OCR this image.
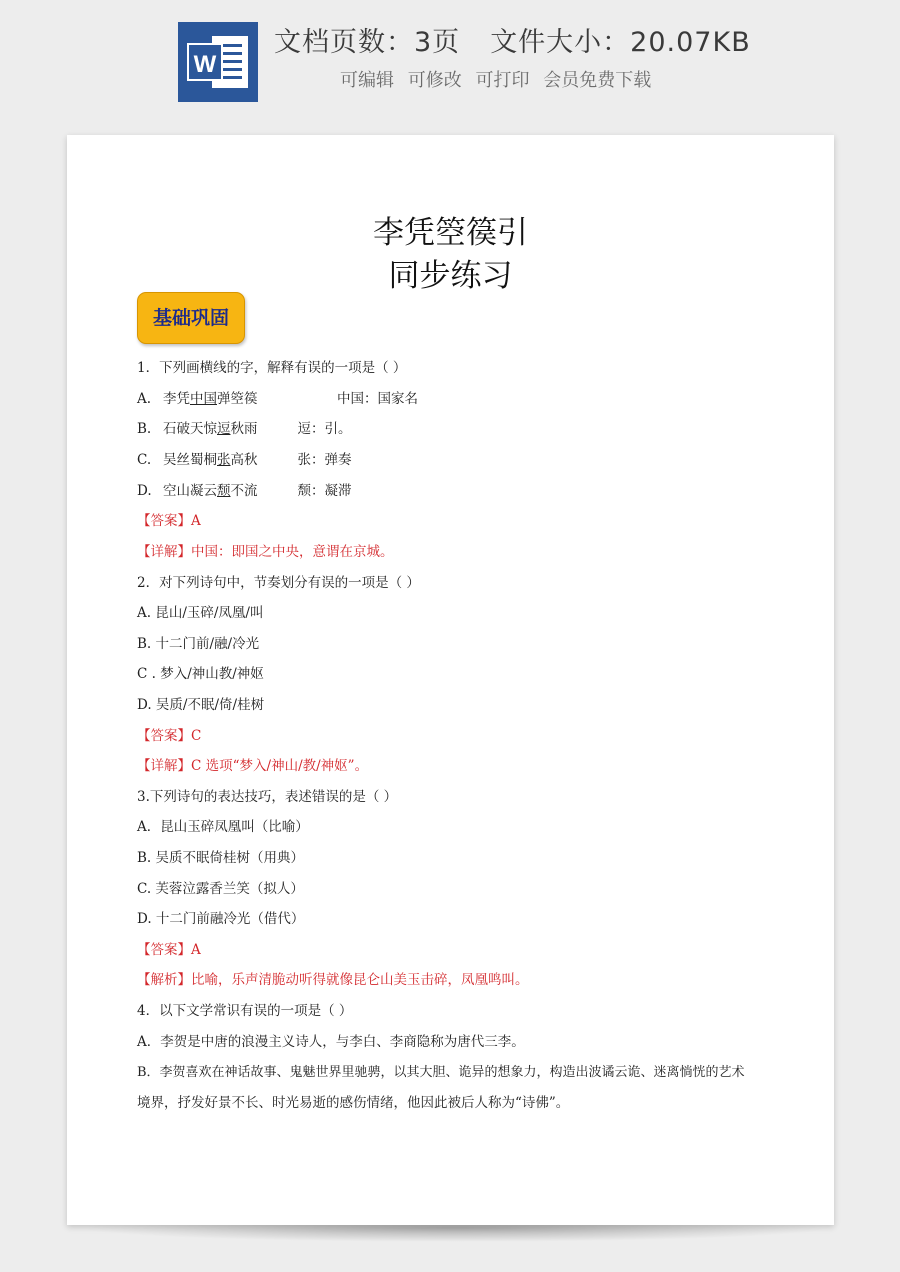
W
文档页数：3页 文件大小：20.07KB
可编辑 可修改 可打印 会员免费下载
李凭箜篌引
同步练习
基础巩固
1．下列画横线的字，解释有误的一项是（ ）
A. 李凭中国弹箜篌	中国：国家名
B. 石破天惊逗秋雨	逗：引。
C. 吴丝蜀桐张高秋	张：弹奏
D. 空山凝云颓不流	颓：凝滞
【答案】A
【详解】中国：即国之中央，意谓在京城。
2．对下列诗句中，节奏划分有误的一项是（ ）
A. 昆山/玉碎/凤凰/叫
B. 十二门前/融/冷光
C . 梦入/神山教/神妪
D. 吴质/不眠/倚/桂树
【答案】C
【详解】C 选项“梦入/神山/教/神妪”。
3.下列诗句的表达技巧，表述错误的是（ ）
A．昆山玉碎凤凰叫（比喻）
B. 吴质不眠倚桂树（用典）
C. 芙蓉泣露香兰笑（拟人）
D. 十二门前融冷光（借代）
【答案】A
【解析】比喻，乐声清脆动听得就像昆仑山美玉击碎，凤凰鸣叫。
4．以下文学常识有误的一项是（ ）
A．李贺是中唐的浪漫主义诗人，与李白、李商隐称为唐代三李。
B．李贺喜欢在神话故事、鬼魅世界里驰骋，以其大胆、诡异的想象力，构造出波谲云诡、迷离惝恍的艺术
境界，抒发好景不长、时光易逝的感伤情绪，他因此被后人称为“诗佛”。
